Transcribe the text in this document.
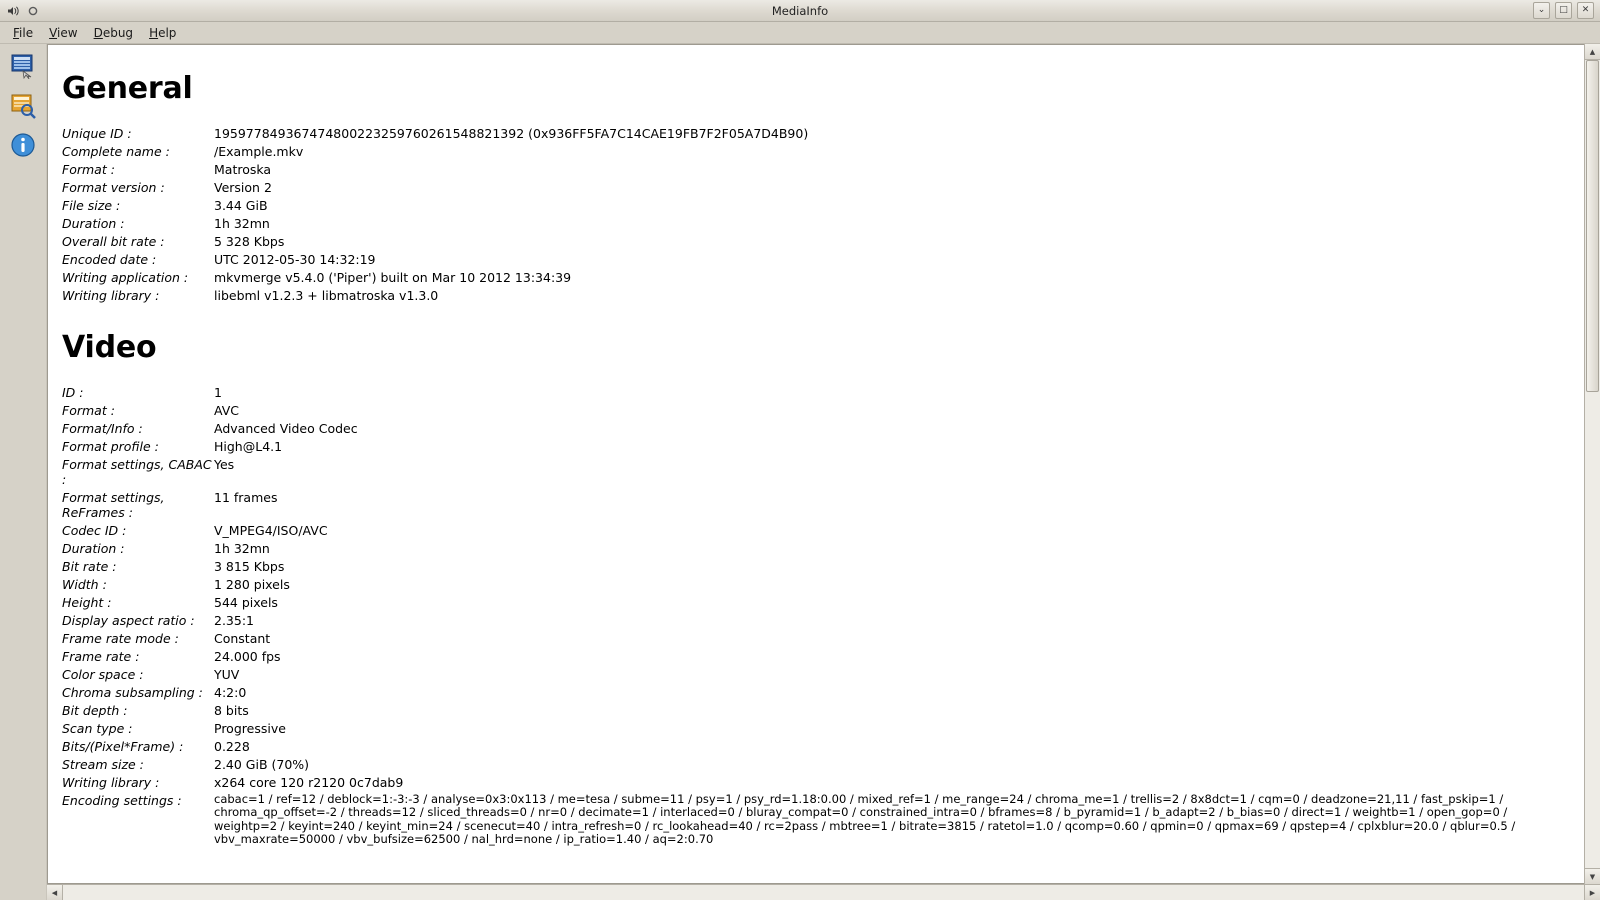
MediaInfo	⌄	□	✕
File	View	Debug	Help
General
Unique ID :	195977849367474800223259760261548821392 (0x936FF5FA7C14CAE19FB7F2F05A7D4B90)
Complete name :	/Example.mkv
Format :	Matroska
Format version :	Version 2
File size :	3.44 GiB
Duration :	1h 32mn
Overall bit rate :	5 328 Kbps
Encoded date :	UTC 2012-05-30 14:32:19
Writing application :	mkvmerge v5.4.0 ('Piper') built on Mar 10 2012 13:34:39
Writing library :	libebml v1.2.3 + libmatroska v1.3.0
Video
ID :	1
Format :	AVC
Format/Info :	Advanced Video Codec
Format profile :	High@L4.1
Format settings, CABAC :	Yes
Format settings, ReFrames :	11 frames
Codec ID :	V_MPEG4/ISO/AVC
Duration :	1h 32mn
Bit rate :	3 815 Kbps
Width :	1 280 pixels
Height :	544 pixels
Display aspect ratio :	2.35:1
Frame rate mode :	Constant
Frame rate :	24.000 fps
Color space :	YUV
Chroma subsampling :	4:2:0
Bit depth :	8 bits
Scan type :	Progressive
Bits/(Pixel*Frame) :	0.228
Stream size :	2.40 GiB (70%)
Writing library :	x264 core 120 r2120 0c7dab9
Encoding settings :	cabac=1 / ref=12 / deblock=1:-3:-3 / analyse=0x3:0x113 / me=tesa / subme=11 / psy=1 / psy_rd=1.18:0.00 / mixed_ref=1 / me_range=24 / chroma_me=1 / trellis=2 / 8x8dct=1 / cqm=0 / deadzone=21,11 / fast_pskip=1 / chroma_qp_offset=-2 / threads=12 / sliced_threads=0 / nr=0 / decimate=1 / interlaced=0 / bluray_compat=0 / constrained_intra=0 / bframes=8 / b_pyramid=1 / b_adapt=2 / b_bias=0 / direct=1 / weightb=1 / open_gop=0 / weightp=2 / keyint=240 / keyint_min=24 / scenecut=40 / intra_refresh=0 / rc_lookahead=40 / rc=2pass / mbtree=1 / bitrate=3815 / ratetol=1.0 / qcomp=0.60 / qpmin=0 / qpmax=69 / qpstep=4 / cplxblur=20.0 / qblur=0.5 / vbv_maxrate=50000 / vbv_bufsize=62500 / nal_hrd=none / ip_ratio=1.40 / aq=2:0.70
▲
▼
◀	▶
